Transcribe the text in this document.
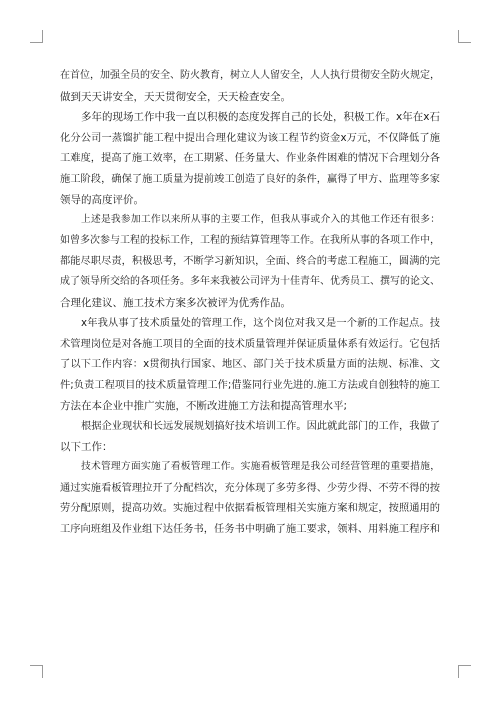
在首位，加强全员的安全、防火教育，树立人人留安全，人人执行贯彻安全防火规定，
做到天天讲安全，天天贯彻安全，天天检查安全。
多年的现场工作中我一直以积极的态度发挥自己的长处，积极工作。x年在x石
化分公司一蒸馏扩能工程中提出合理化建议为该工程节约资金x万元，不仅降低了施
工难度，提高了施工效率，在工期紧、任务量大、作业条件困难的情况下合理划分各
施工阶段，确保了施工质量为提前竣工创造了良好的条件，赢得了甲方、监理等多家
领导的高度评价。
上述是我参加工作以来所从事的主要工作，但我从事或介入的其他工作还有很多：
如曾多次参与工程的投标工作，工程的预结算管理等工作。在我所从事的各项工作中，
都能尽职尽责，积极思考，不断学习新知识，全面、终合的考虑工程施工，圆满的完
成了领导所交给的各项任务。多年来我被公司评为十佳青年、优秀员工、撰写的论文、
合理化建议、施工技术方案多次被评为优秀作品。
x年我从事了技术质量处的管理工作，这个岗位对我又是一个新的工作起点。技
术管理岗位是对各施工项目的全面的技术质量管理并保证质量体系有效运行。它包括
了以下工作内容：x贯彻执行国家、地区、部门关于技术质量方面的法规、标准、文
件;负责工程项目的技术质量管理工作;借鉴同行业先进的.施工方法或自创独特的施工
方法在本企业中推广实施，不断改进施工方法和提高管理水平;
根据企业现状和长远发展规划搞好技术培训工作。因此就此部门的工作，我做了
以下工作：
技术管理方面实施了看板管理工作。实施看板管理是我公司经营管理的重要措施，
通过实施看板管理拉开了分配档次，充分体现了多劳多得、少劳少得、不劳不得的按
劳分配原则，提高功效。实施过程中依据看板管理相关实施方案和规定，按照通用的
工序向班组及作业组下达任务书，任务书中明确了施工要求，领料、用料施工程序和
